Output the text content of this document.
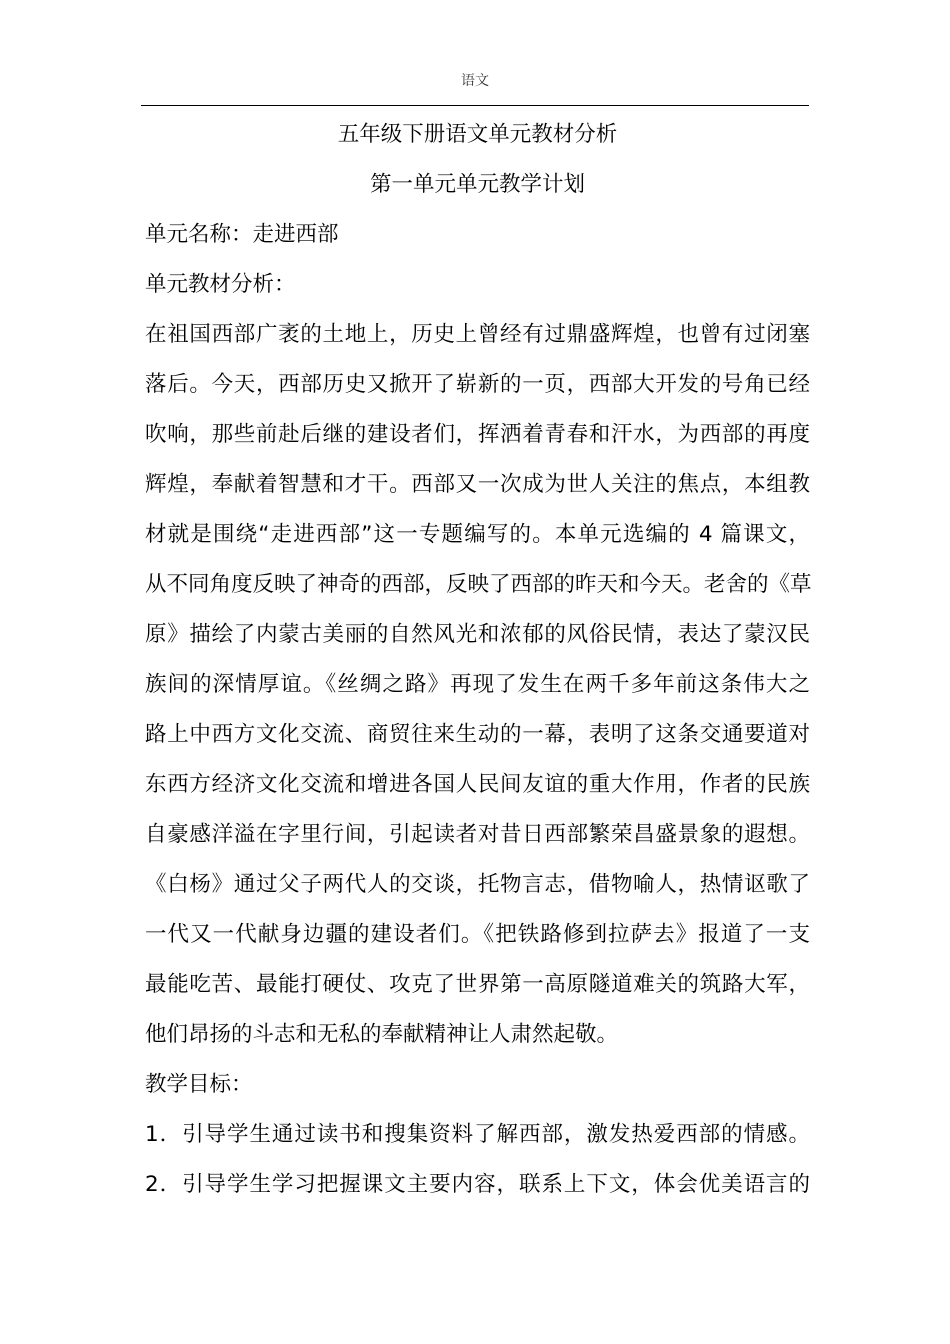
语文

五年级下册语文单元教材分析

第一单元单元教学计划

单元名称：走进西部

单元教材分析：

在祖国西部广袤的土地上，历史上曾经有过鼎盛辉煌，也曾有过闭塞

落后。今天，西部历史又掀开了崭新的一页，西部大开发的号角已经

吹响，那些前赴后继的建设者们，挥洒着青春和汗水，为西部的再度

辉煌，奉献着智慧和才干。西部又一次成为世人关注的焦点，本组教

材就是围绕“走进西部”这一专题编写的。本单元选编的 4 篇课文，

从不同角度反映了神奇的西部，反映了西部的昨天和今天。老舍的《草

原》描绘了内蒙古美丽的自然风光和浓郁的风俗民情，表达了蒙汉民

族间的深情厚谊。《丝绸之路》再现了发生在两千多年前这条伟大之

路上中西方文化交流、商贸往来生动的一幕，表明了这条交通要道对

东西方经济文化交流和增进各国人民间友谊的重大作用，作者的民族

自豪感洋溢在字里行间，引起读者对昔日西部繁荣昌盛景象的遐想。

《白杨》通过父子两代人的交谈，托物言志，借物喻人，热情讴歌了

一代又一代献身边疆的建设者们。《把铁路修到拉萨去》报道了一支

最能吃苦、最能打硬仗、攻克了世界第一高原隧道难关的筑路大军，

他们昂扬的斗志和无私的奉献精神让人肃然起敬。

教学目标：

1．引导学生通过读书和搜集资料了解西部，激发热爱西部的情感。

2．引导学生学习把握课文主要内容，联系上下文，体会优美语言的
